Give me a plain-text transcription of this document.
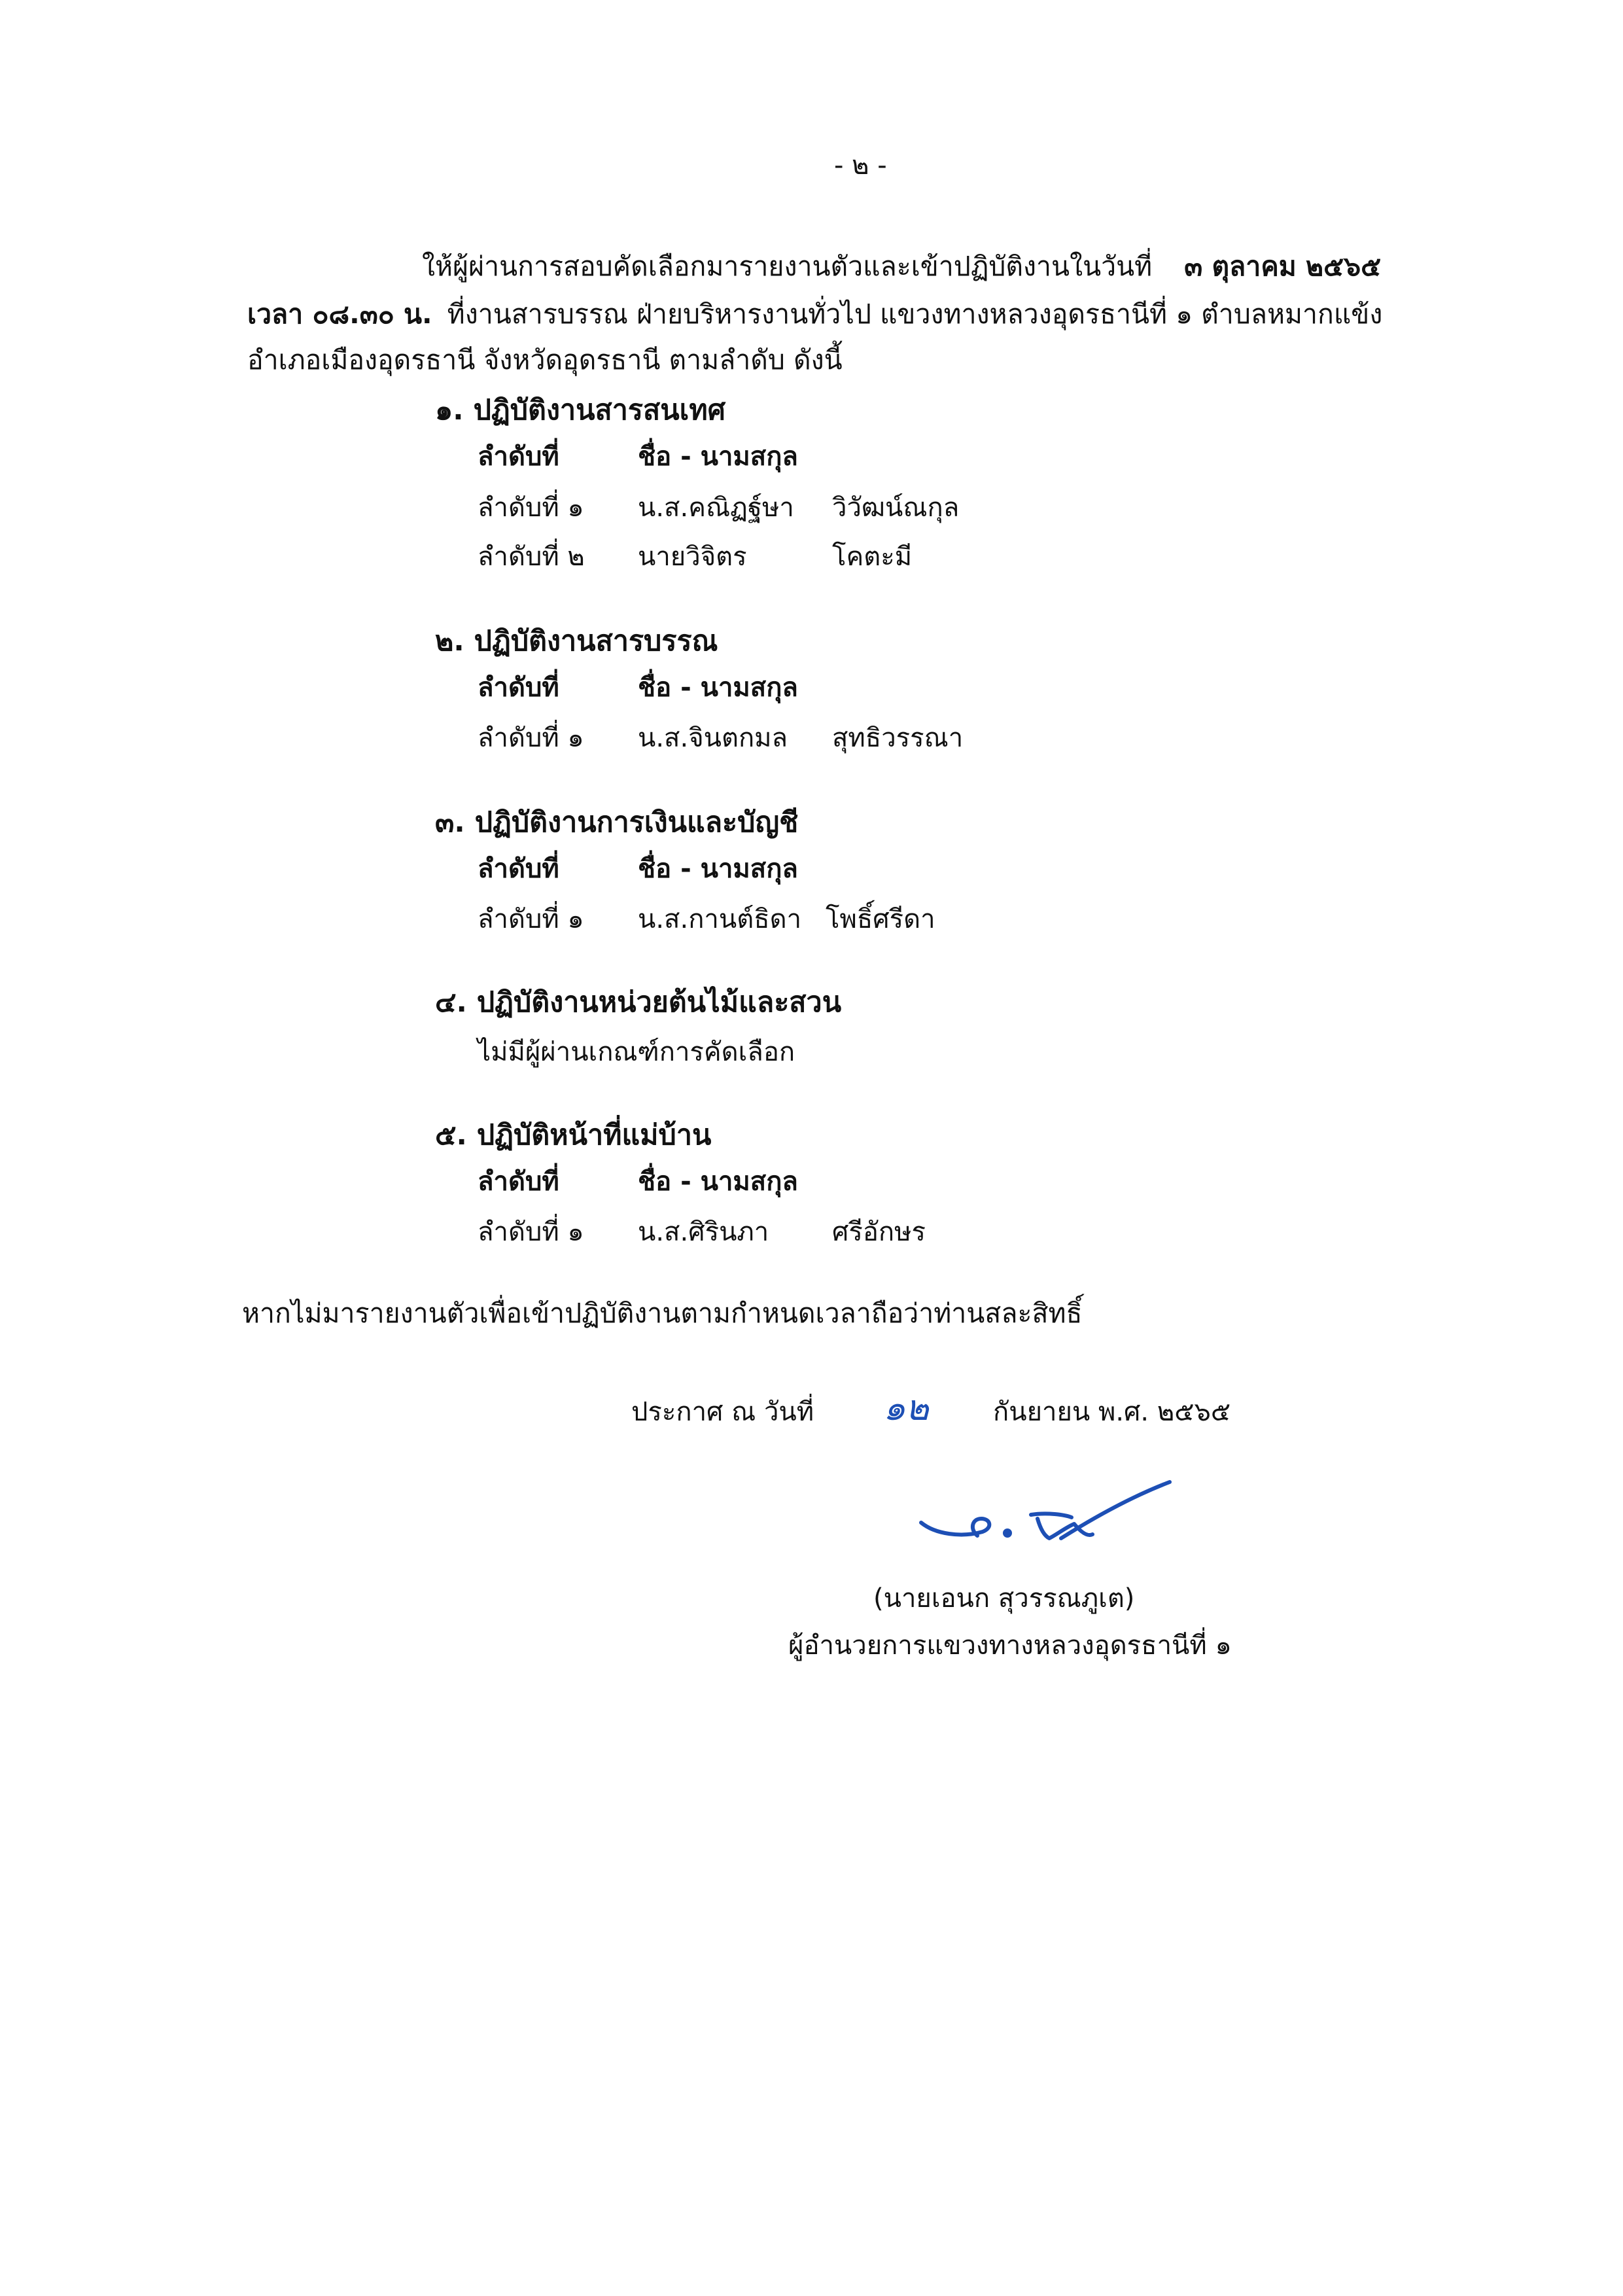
- ๒ -
ให้ผู้ผ่านการสอบคัดเลือกมารายงานตัวและเข้าปฏิบัติงานในวันที่ ๓ ตุลาคม ๒๕๖๕
เวลา ๐๘.๓๐ น. ที่งานสารบรรณ ฝ่ายบริหารงานทั่วไป แขวงทางหลวงอุดรธานีที่ ๑ ตำบลหมากแข้ง
อำเภอเมืองอุดรธานี จังหวัดอุดรธานี ตามลำดับ ดังนี้
๑. ปฏิบัติงานสารสนเทศ
ลำดับที่	ชื่อ - นามสกุล
ลำดับที่ ๑ น.ส.คณิฏฐ์ษา วิวัฒน์ณกุล
ลำดับที่ ๒ นายวิจิตร	โคตะมี
๒. ปฏิบัติงานสารบรรณ
ลำดับที่	ชื่อ - นามสกุล
ลำดับที่ ๑ น.ส.จินตกมล สุทธิวรรณา
๓. ปฏิบัติงานการเงินและบัญชี
ลำดับที่	ชื่อ - นามสกุล
ลำดับที่ ๑ น.ส.กานต์ธิดา โพธิ์ศรีดา
๔. ปฏิบัติงานหน่วยต้นไม้และสวน
ไม่มีผู้ผ่านเกณฑ์การคัดเลือก
๕. ปฏิบัติหน้าที่แม่บ้าน
ลำดับที่	ชื่อ - นามสกุล
ลำดับที่ ๑ น.ส.ศิรินภา ศรีอักษร
หากไม่มารายงานตัวเพื่อเข้าปฏิบัติงานตามกำหนดเวลาถือว่าท่านสละสิทธิ์
ประกาศ ณ วันที่ ๑๒ กันยายน พ.ศ. ๒๕๖๕
(นายเอนก สุวรรณภูเต)
ผู้อำนวยการแขวงทางหลวงอุดรธานีที่ ๑
